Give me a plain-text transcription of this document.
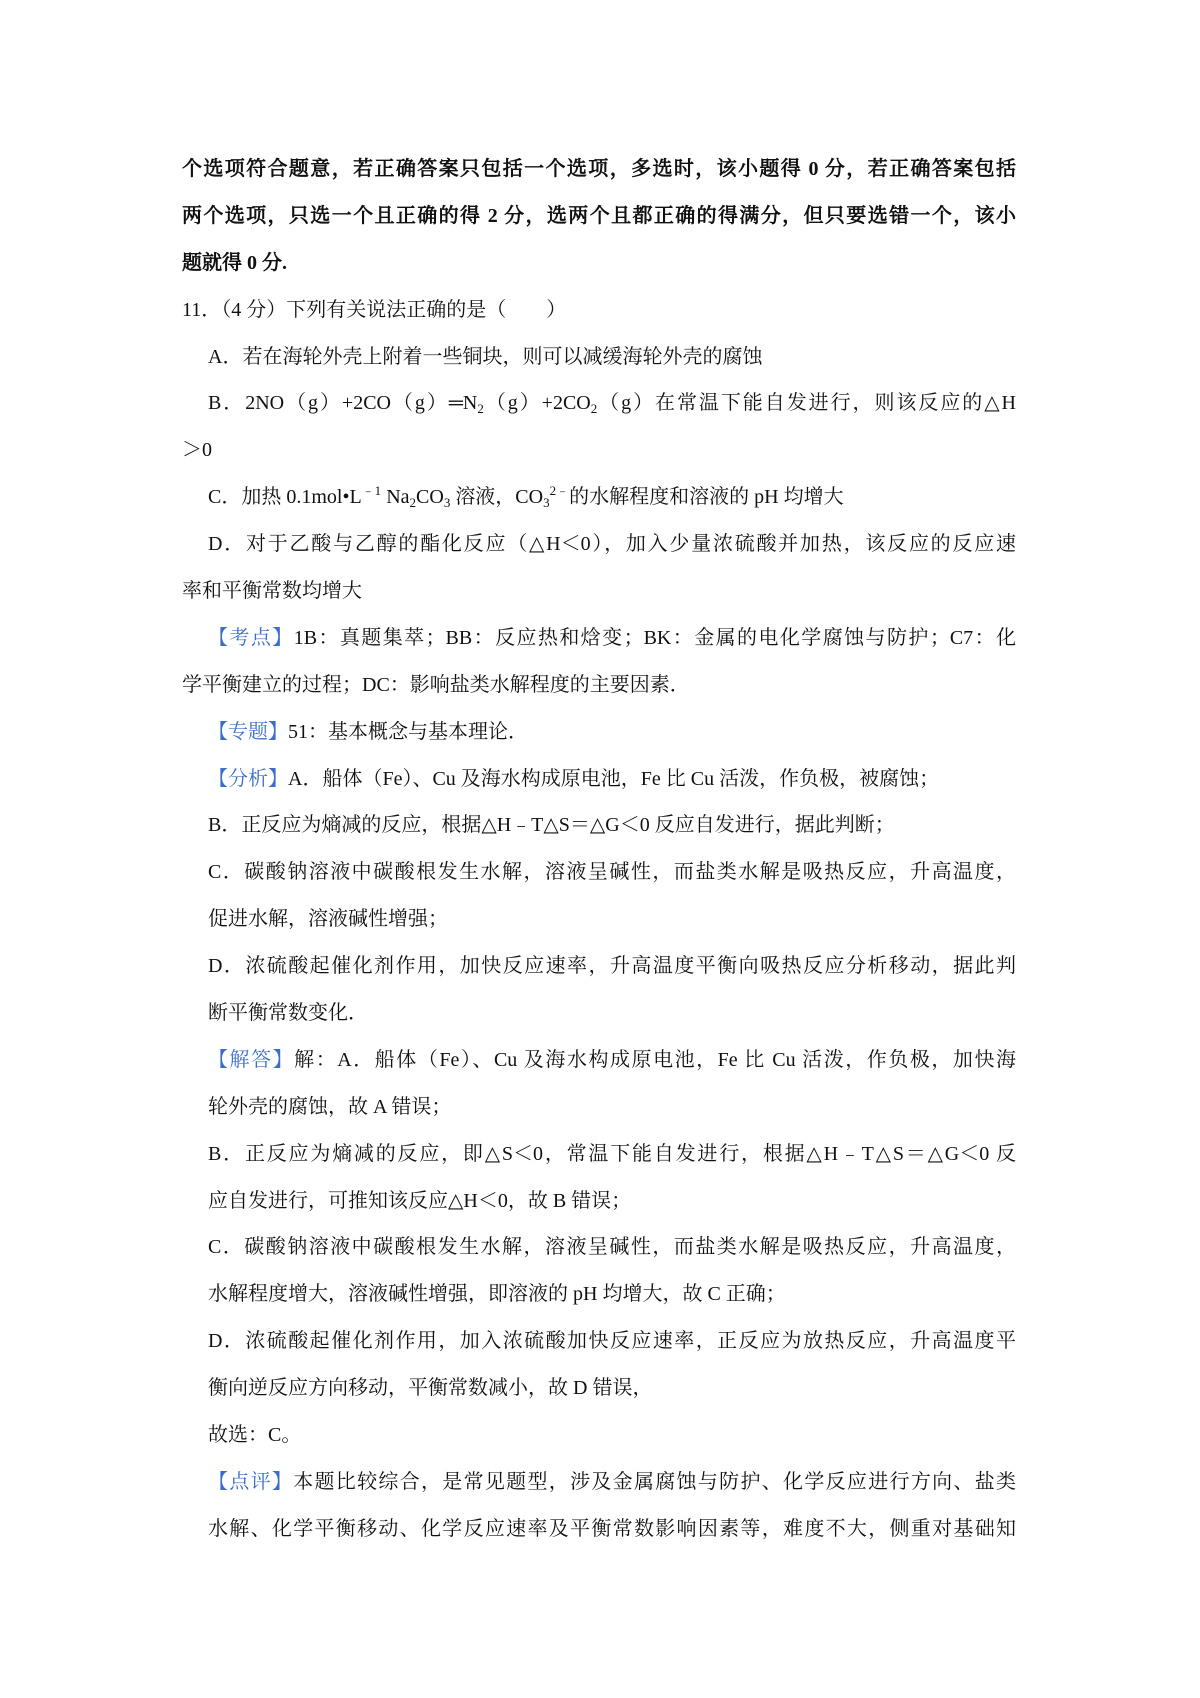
个选项符合题意，若正确答案只包括一个选项，多选时，该小题得 0 分，若正确答案包括
两个选项，只选一个且正确的得 2 分，选两个且都正确的得满分，但只要选错一个，该小
题就得 0 分.
11．（4 分）下列有关说法正确的是（　　）
A．若在海轮外壳上附着一些铜块，则可以减缓海轮外壳的腐蚀
B．$2NO(g)+2CO(g)═N_2(g)+2CO_2(g)$在常温下能自发进行，则该反应的△H
＞0
C．加热 $0.1mol•L^{﹣1}$ $Na_2CO_3$ 溶液，$CO_3^{2﹣}$的水解程度和溶液的 pH 均增大
D．对于乙酸与乙醇的酯化反应（△H＜0），加入少量浓硫酸并加热，该反应的反应速
率和平衡常数均增大
【考点】1B：真题集萃；BB：反应热和焓变；BK：金属的电化学腐蚀与防护；C7：化
学平衡建立的过程；DC：影响盐类水解程度的主要因素．
【专题】51：基本概念与基本理论．
【分析】A．船体（Fe）、Cu 及海水构成原电池，Fe 比 Cu 活泼，作负极，被腐蚀；
B．正反应为熵减的反应，根据△H﹣T△S＝△G＜0 反应自发进行，据此判断；
C．碳酸钠溶液中碳酸根发生水解，溶液呈碱性，而盐类水解是吸热反应，升高温度，
促进水解，溶液碱性增强；
D．浓硫酸起催化剂作用，加快反应速率，升高温度平衡向吸热反应分析移动，据此判
断平衡常数变化．
【解答】解：A．船体（Fe）、Cu 及海水构成原电池，Fe 比 Cu 活泼，作负极，加快海
轮外壳的腐蚀，故 A 错误；
B．正反应为熵减的反应，即△S＜0，常温下能自发进行，根据△H﹣T△S＝△G＜0 反
应自发进行，可推知该反应△H＜0，故 B 错误；
C．碳酸钠溶液中碳酸根发生水解，溶液呈碱性，而盐类水解是吸热反应，升高温度，
水解程度增大，溶液碱性增强，即溶液的 pH 均增大，故 C 正确；
D．浓硫酸起催化剂作用，加入浓硫酸加快反应速率，正反应为放热反应，升高温度平
衡向逆反应方向移动，平衡常数减小，故 D 错误，
故选：C。
【点评】本题比较综合，是常见题型，涉及金属腐蚀与防护、化学反应进行方向、盐类
水解、化学平衡移动、化学反应速率及平衡常数影响因素等，难度不大，侧重对基础知
